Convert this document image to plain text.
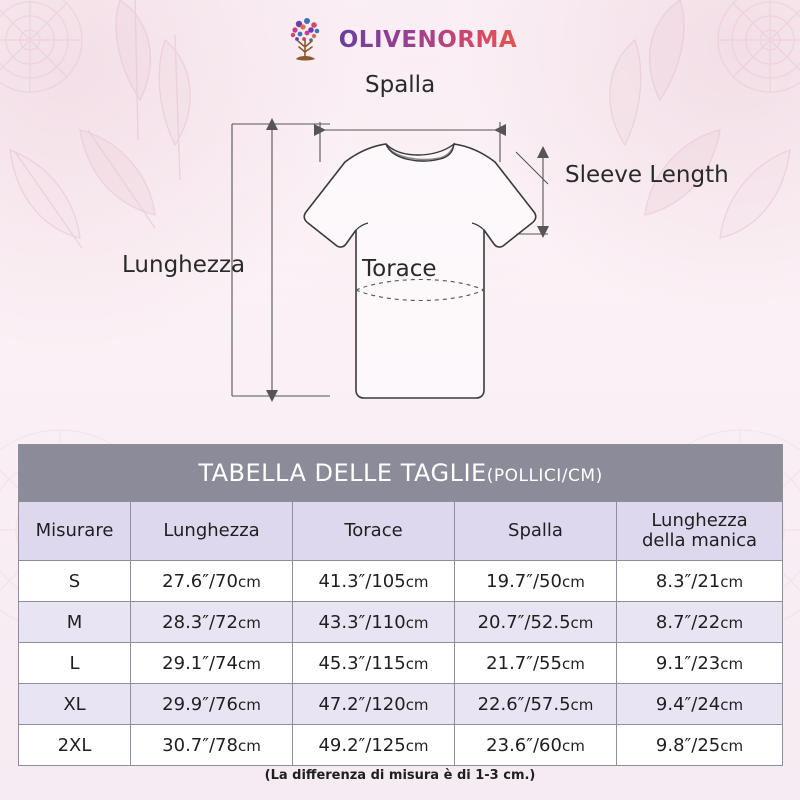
OLIVENORMA
Spalla
Sleeve Length
Lunghezza	Torace
TABELLA DELLE TAGLIE(POLLICI/CM)				
Misurare	Lunghezza	Torace	Spalla	Lunghezza
della manica
S	27.6″/70cm	41.3″/105cm	19.7″/50cm	8.3″/21cm
M	28.3″/72cm	43.3″/110cm	20.7″/52.5cm	8.7″/22cm
L	29.1″/74cm	45.3″/115cm	21.7″/55cm	9.1″/23cm
XL	29.9″/76cm	47.2″/120cm	22.6″/57.5cm	9.4″/24cm
2XL	30.7″/78cm	49.2″/125cm	23.6″/60cm	9.8″/25cm
(La differenza di misura è di 1-3 cm.)
